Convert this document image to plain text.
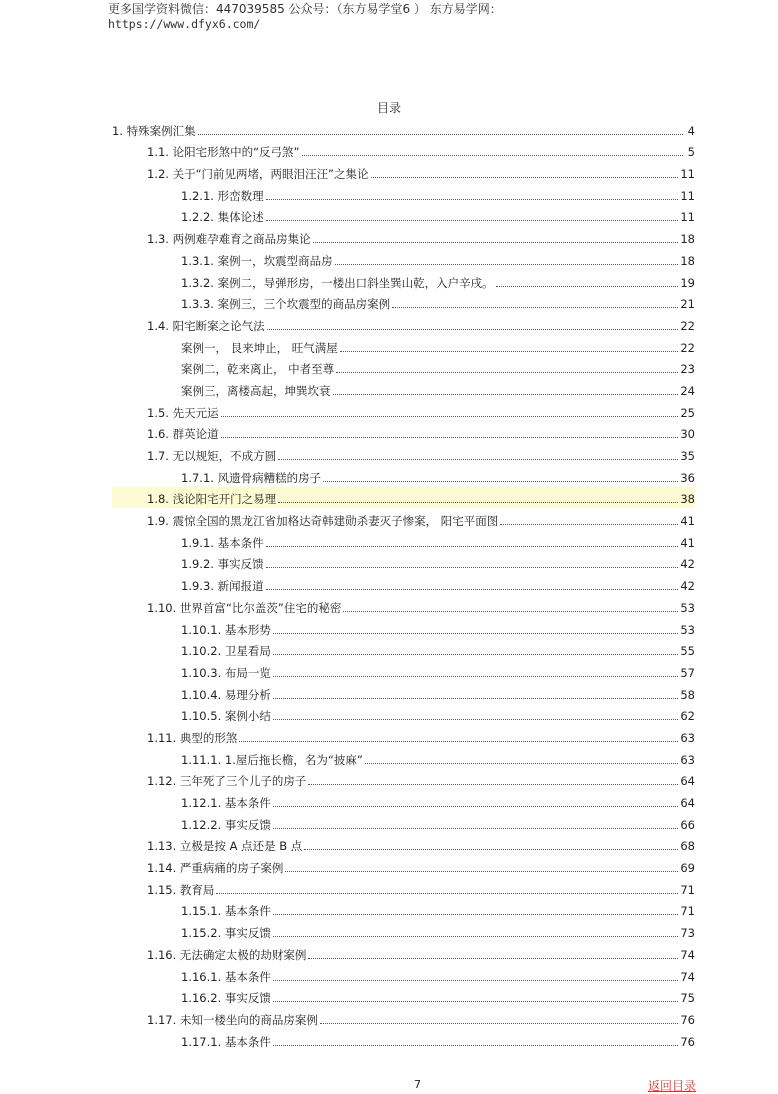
更多国学资料微信：447039585 公众号：（东方易学堂6 ） 东方易学网：
https://www.dfyx6.com/
目录
1. 特殊案例汇集	4
1.1. 论阳宅形煞中的“反弓煞”	5
1.2. 关于“门前见两堵，两眼泪汪汪”之集论	11
1.2.1. 形峦数理	11
1.2.2. 集体论述	11
1.3. 两例难孕难育之商品房集论	18
1.3.1. 案例一，坎震型商品房	18
1.3.2. 案例二，导弹形房，一楼出口斜坐巽山乾，入户辛戌。	19
1.3.3. 案例三，三个坎震型的商品房案例	21
1.4. 阳宅断案之论气法	22
案例一， 艮来坤止， 旺气满屋	22
案例二，乾来离止， 中者至尊	23
案例三，离楼高起，坤巽坎衰	24
1.5. 先天元运	25
1.6. 群英论道	30
1.7. 无以规矩，不成方圆	35
1.7.1. 风遗骨病糟糕的房子	36
1.8. 浅论阳宅开门之易理	38
1.9. 震惊全国的黑龙江省加格达奇韩建勋杀妻灭子惨案， 阳宅平面图	41
1.9.1. 基本条件	41
1.9.2. 事实反馈	42
1.9.3. 新闻报道	42
1.10. 世界首富“比尔盖茨”住宅的秘密	53
1.10.1. 基本形势	53
1.10.2. 卫星看局	55
1.10.3. 布局一览	57
1.10.4. 易理分析	58
1.10.5. 案例小结	62
1.11. 典型的形煞	63
1.11.1. 1.屋后拖长檐，名为“披麻”	63
1.12. 三年死了三个儿子的房子	64
1.12.1. 基本条件	64
1.12.2. 事实反馈	66
1.13. 立极是按 A 点还是 B 点	68
1.14. 严重病痛的房子案例	69
1.15. 教育局	71
1.15.1. 基本条件	71
1.15.2. 事实反馈	73
1.16. 无法确定太极的劫财案例	74
1.16.1. 基本条件	74
1.16.2. 事实反馈	75
1.17. 未知一楼坐向的商品房案例	76
1.17.1. 基本条件	76
7	返回目录
